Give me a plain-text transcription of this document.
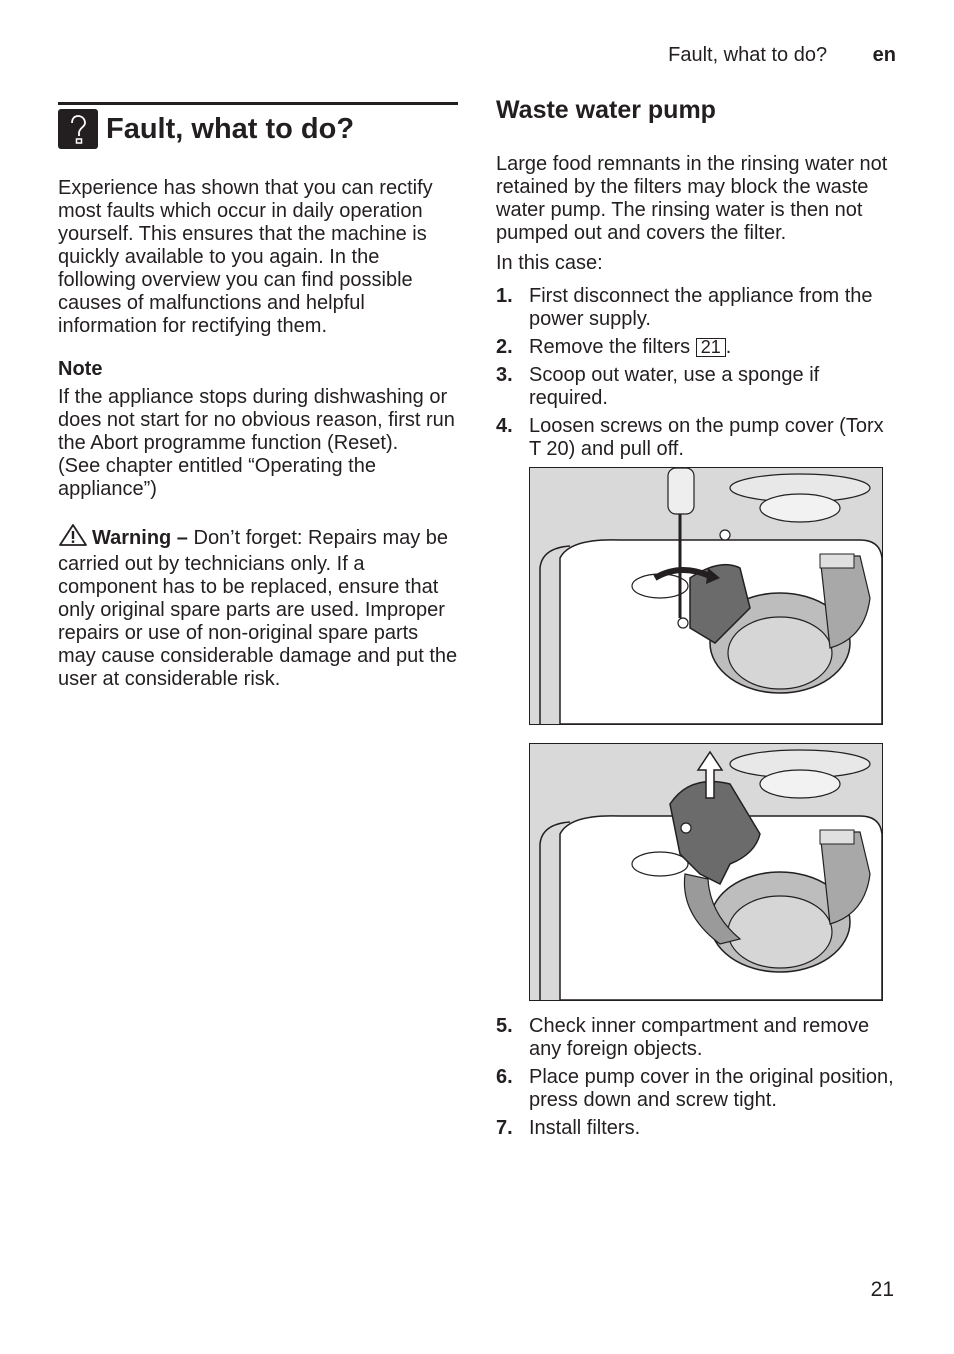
Fault, what to do? en
Fault, what to do?

Experience has shown that you can rectify most faults which occur in daily operation yourself. This ensures that the machine is quickly available to you again. In the following overview you can find possible causes of malfunctions and helpful information for rectifying them.

Note

If the appliance stops during dishwashing or does not start for no obvious reason, first run the Abort programme function (Reset).

(See chapter entitled “Operating the appliance”)

Warning – Don’t forget: Repairs may be carried out by technicians only. If a component has to be replaced, ensure that only original spare parts are used. Improper repairs or use of non-original spare parts may cause considerable damage and put the user at considerable risk.

Waste water pump

Large food remnants in the rinsing water not retained by the filters may block the waste water pump. The rinsing water is then not pumped out and covers the filter.

In this case:

1. First disconnect the appliance from the power supply.
2. Remove the filters 21 .
3. Scoop out water, use a sponge if required.
4. Loosen screws on the pump cover (Torx T 20) and pull off.
5. Check inner compartment and remove any foreign objects.
6. Place pump cover in the original position, press down and screw tight.
7. Install filters.
21
